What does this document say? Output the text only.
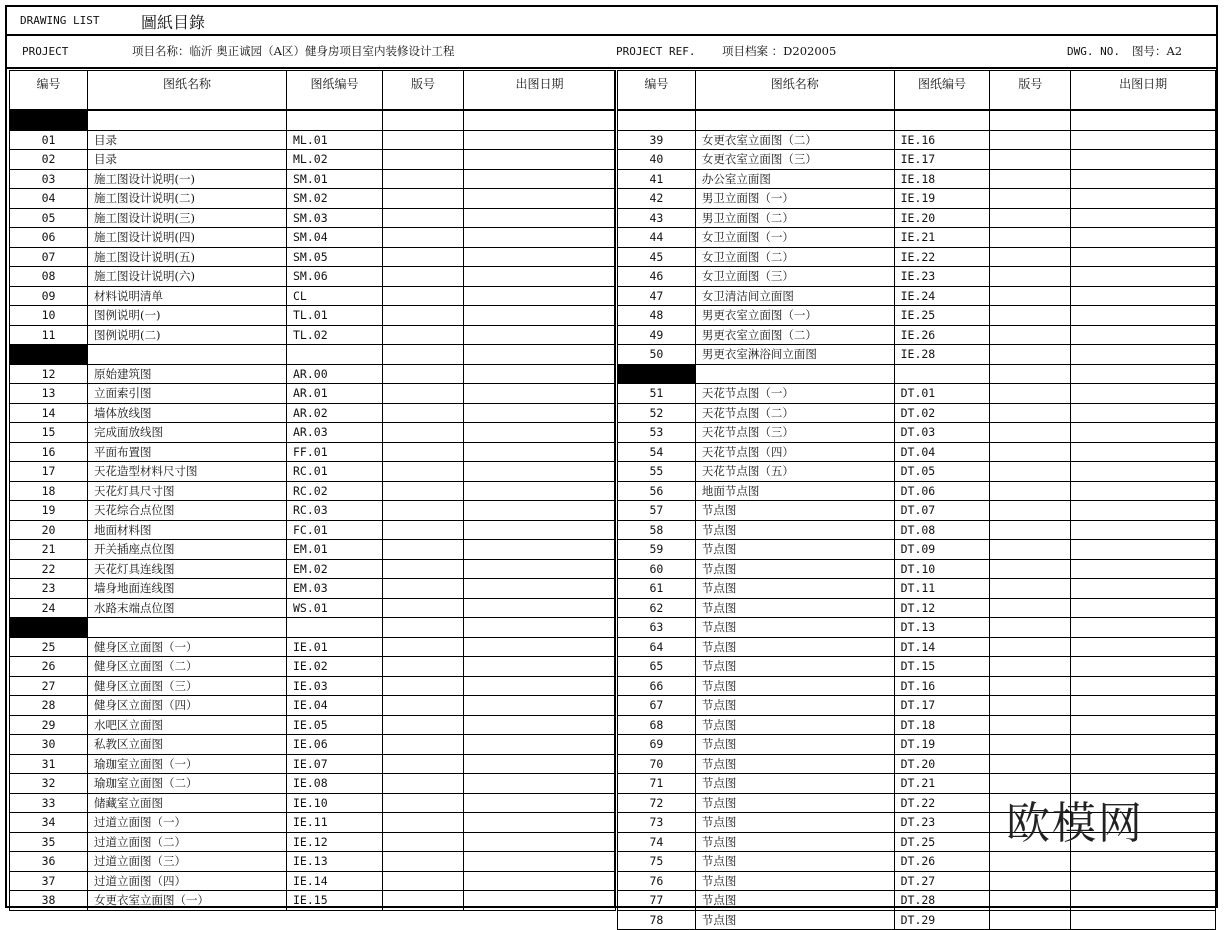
DRAWING LIST	圖紙目錄
PROJECT	项目名称：临沂 奥正诚园（A区）健身房项目室内装修设计工程	PROJECT REF. 项目档案 ：D202005	DWG. NO. 图号：A2
编号	图纸名称	图纸编号	版号	出图日期

01	目录	ML.01		
02	目录	ML.02		
03	施工图设计说明(一)	SM.01		
04	施工图设计说明(二)	SM.02		
05	施工图设计说明(三)	SM.03		
06	施工图设计说明(四)	SM.04		
07	施工图设计说明(五)	SM.05		
08	施工图设计说明(六)	SM.06		
09	材料说明清单	CL		
10	图例说明(一)	TL.01		
11	图例说明(二)	TL.02		

12	原始建筑图	AR.00		
13	立面索引图	AR.01		
14	墙体放线图	AR.02		
15	完成面放线图	AR.03		
16	平面布置图	FF.01		
17	天花造型材料尺寸图	RC.01		
18	天花灯具尺寸图	RC.02		
19	天花综合点位图	RC.03		
20	地面材料图	FC.01		
21	开关插座点位图	EM.01		
22	天花灯具连线图	EM.02		
23	墙身地面连线图	EM.03		
24	水路末端点位图	WS.01		

25	健身区立面图（一）	IE.01		
26	健身区立面图（二）	IE.02		
27	健身区立面图（三）	IE.03		
28	健身区立面图（四）	IE.04		
29	水吧区立面图	IE.05		
30	私教区立面图	IE.06		
31	瑜珈室立面图（一）	IE.07		
32	瑜珈室立面图（二）	IE.08		
33	储藏室立面图	IE.10		
34	过道立面图（一）	IE.11		
35	过道立面图（二）	IE.12		
36	过道立面图（三）	IE.13		
37	过道立面图（四）	IE.14		
38	女更衣室立面图（一）	IE.15		
编号	图纸名称	图纸编号	版号	出图日期

39	女更衣室立面图（二）	IE.16		
40	女更衣室立面图（三）	IE.17		
41	办公室立面图	IE.18		
42	男卫立面图（一）	IE.19		
43	男卫立面图（二）	IE.20		
44	女卫立面图（一）	IE.21		
45	女卫立面图（二）	IE.22		
46	女卫立面图（三）	IE.23		
47	女卫清洁间立面图	IE.24		
48	男更衣室立面图（一）	IE.25		
49	男更衣室立面图（二）	IE.26		
50	男更衣室淋浴间立面图	IE.28		

51	天花节点图（一）	DT.01		
52	天花节点图（二）	DT.02		
53	天花节点图（三）	DT.03		
54	天花节点图（四）	DT.04		
55	天花节点图（五）	DT.05		
56	地面节点图	DT.06		
57	节点图	DT.07		
58	节点图	DT.08		
59	节点图	DT.09		
60	节点图	DT.10		
61	节点图	DT.11		
62	节点图	DT.12		
63	节点图	DT.13		
64	节点图	DT.14		
65	节点图	DT.15		
66	节点图	DT.16		
67	节点图	DT.17		
68	节点图	DT.18		
69	节点图	DT.19		
70	节点图	DT.20		
71	节点图	DT.21		
72	节点图	DT.22		
73	节点图	DT.23		
74	节点图	DT.25		
75	节点图	DT.26		
76	节点图	DT.27		
77	节点图	DT.28		
78	节点图	DT.29		
欧模网
